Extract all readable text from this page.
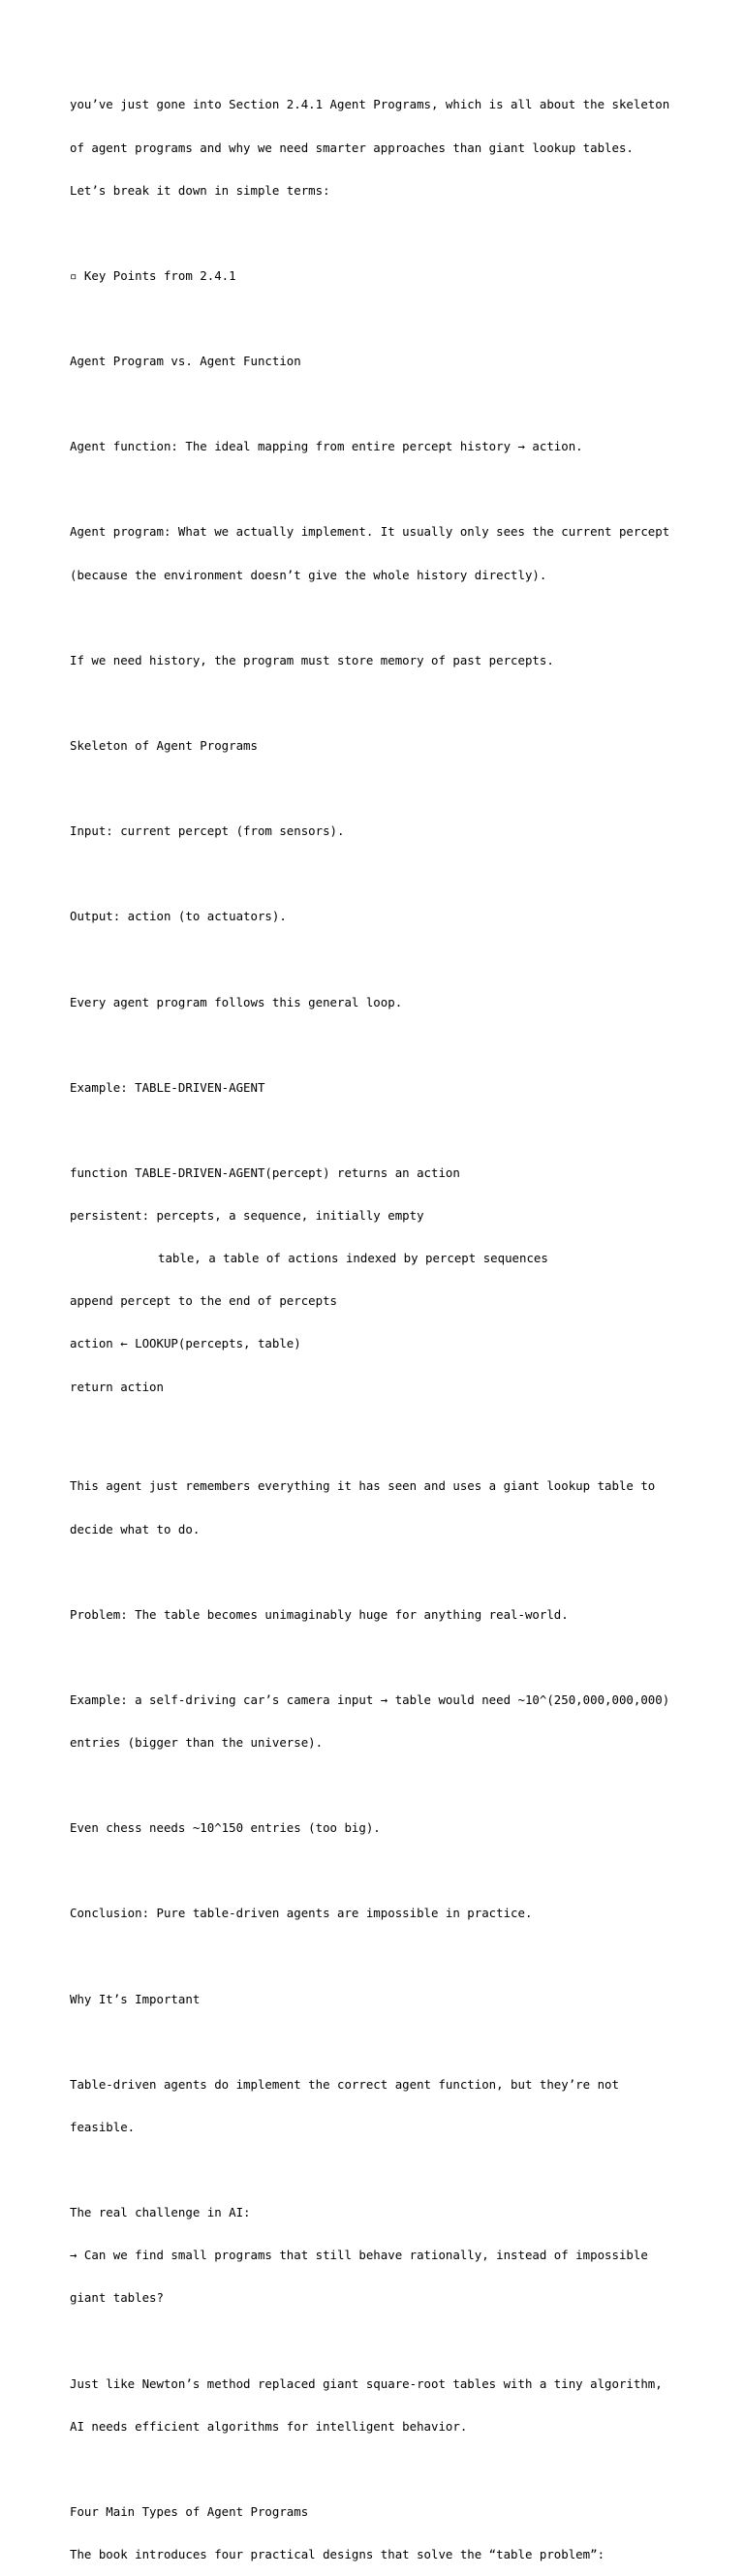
you’ve just gone into Section 2.4.1 Agent Programs, which is all about the skeleton

of agent programs and why we need smarter approaches than giant lookup tables.

Let’s break it down in simple terms:

▫ Key Points from 2.4.1

Agent Program vs. Agent Function

Agent function: The ideal mapping from entire percept history → action.

Agent program: What we actually implement. It usually only sees the current percept

(because the environment doesn’t give the whole history directly).

If we need history, the program must store memory of past percepts.

Skeleton of Agent Programs

Input: current percept (from sensors).

Output: action (to actuators).

Every agent program follows this general loop.

Example: TABLE-DRIVEN-AGENT

function TABLE-DRIVEN-AGENT(percept) returns an action

persistent: percepts, a sequence, initially empty

table, a table of actions indexed by percept sequences

append percept to the end of percepts

action ← LOOKUP(percepts, table)

return action

This agent just remembers everything it has seen and uses a giant lookup table to

decide what to do.

Problem: The table becomes unimaginably huge for anything real-world.

Example: a self-driving car’s camera input → table would need ~10^(250,000,000,000)

entries (bigger than the universe).

Even chess needs ~10^150 entries (too big).

Conclusion: Pure table-driven agents are impossible in practice.

Why It’s Important

Table-driven agents do implement the correct agent function, but they’re not

feasible.

The real challenge in AI:

→ Can we find small programs that still behave rationally, instead of impossible

giant tables?

Just like Newton’s method replaced giant square-root tables with a tiny algorithm,

AI needs efficient algorithms for intelligent behavior.

Four Main Types of Agent Programs

The book introduces four practical designs that solve the “table problem”:
